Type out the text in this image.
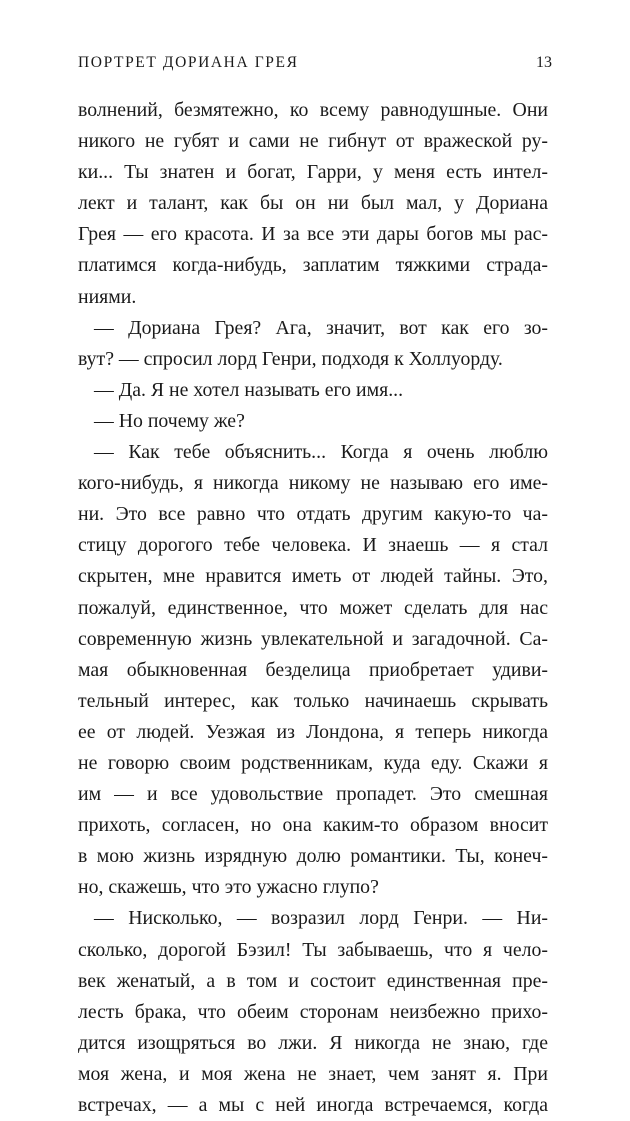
ПОРТРЕТ ДОРИАНА ГРЕЯ	13
волнений, безмятежно, ко всему равнодушные. Они
никого не губят и сами не гибнут от вражеской ру-
ки... Ты знатен и богат, Гарри, у меня есть интел-
лект и талант, как бы он ни был мал, у Дориана
Грея — его красота. И за все эти дары богов мы рас-
платимся когда-нибудь, заплатим тяжкими страда-
ниями.
— Дориана Грея? Ага, значит, вот как его зо-
вут? — спросил лорд Генри, подходя к Холлуорду.
— Да. Я не хотел называть его имя...
— Но почему же?
— Как тебе объяснить... Когда я очень люблю
кого-нибудь, я никогда никому не называю его име-
ни. Это все равно что отдать другим какую-то ча-
стицу дорогого тебе человека. И знаешь — я стал
скрытен, мне нравится иметь от людей тайны. Это,
пожалуй, единственное, что может сделать для нас
современную жизнь увлекательной и загадочной. Са-
мая обыкновенная безделица приобретает удиви-
тельный интерес, как только начинаешь скрывать
ее от людей. Уезжая из Лондона, я теперь никогда
не говорю своим родственникам, куда еду. Скажи я
им — и все удовольствие пропадет. Это смешная
прихоть, согласен, но она каким-то образом вносит
в мою жизнь изрядную долю романтики. Ты, конеч-
но, скажешь, что это ужасно глупо?
— Нисколько, — возразил лорд Генри. — Ни-
сколько, дорогой Бэзил! Ты забываешь, что я чело-
век женатый, а в том и состоит единственная пре-
лесть брака, что обеим сторонам неизбежно прихо-
дится изощряться во лжи. Я никогда не знаю, где
моя жена, и моя жена не знает, чем занят я. При
встречах, — а мы с ней иногда встречаемся, когда
